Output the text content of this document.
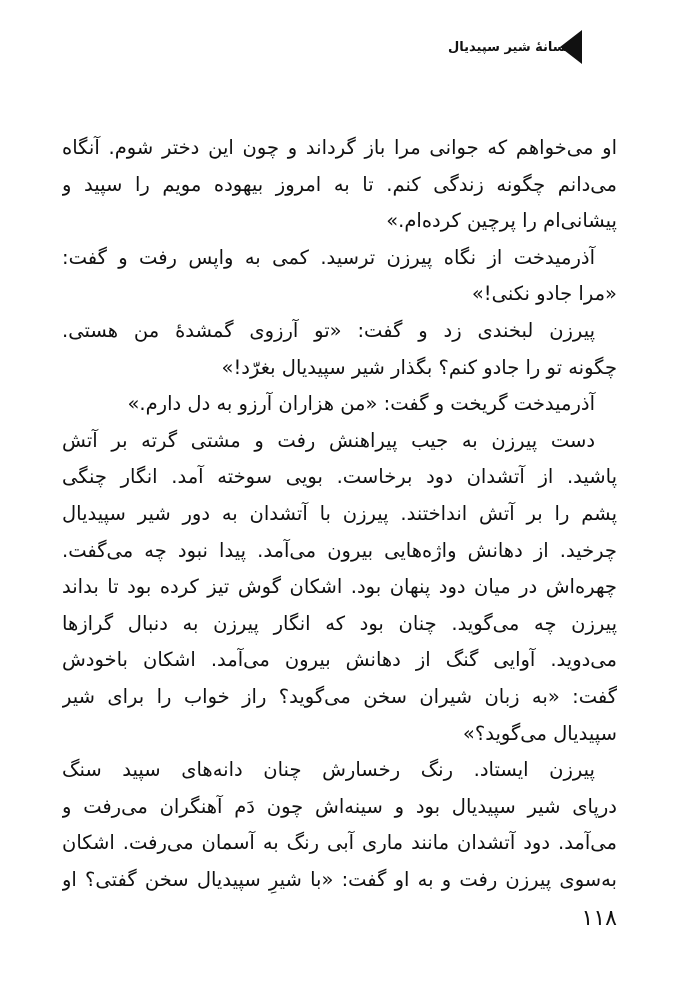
افسانهٔ شیر سپیدیال
او می‌خواهم که جوانی مرا باز گرداند و چون این دختر شوم. آنگاه
می‌دانم چگونه زندگی کنم. تا به امروز بیهوده مویم را سپید و
پیشانی‌ام را پرچین کرده‌ام.»
آذرمیدخت از نگاه پیرزن ترسید. کمی به واپس رفت و گفت:
«مرا جادو نکنی!»
پیرزن لبخندی زد و گفت: «تو آرزوی گمشدهٔ من هستی.
چگونه تو را جادو کنم؟ بگذار شیر سپیدیال بغرّد!»
آذرمیدخت گریخت و گفت: «من هزاران آرزو به دل دارم.»
دست پیرزن به جیب پیراهنش رفت و مشتی گرته بر آتش
پاشید. از آتشدان دود برخاست. بویی سوخته آمد. انگار چنگی
پشم را بر آتش انداختند. پیرزن با آتشدان به دور شیر سپیدیال
چرخید. از دهانش واژه‌هایی بیرون می‌آمد. پیدا نبود چه می‌گفت.
چهره‌اش در میان دود پنهان بود. اشکان گوش تیز کرده بود تا بداند
پیرزن چه می‌گوید. چنان بود که انگار پیرزن به دنبال گرازها
می‌دوید. آوایی گنگ از دهانش بیرون می‌آمد. اشکان باخودش
گفت: «به زبان شیران سخن می‌گوید؟ راز خواب را برای شیر
سپیدیال می‌گوید؟»
پیرزن ایستاد. رنگ رخسارش چنان دانه‌های سپید سنگ
درپای شیر سپیدیال بود و سینه‌اش چون دَم آهنگران می‌رفت و
می‌آمد. دود آتشدان مانند ماری آبی رنگ به آسمان می‌رفت. اشکان
به‌سوی پیرزن رفت و به او گفت: «با شیرِ سپیدیال سخن گفتی؟ او
۱۱۸
